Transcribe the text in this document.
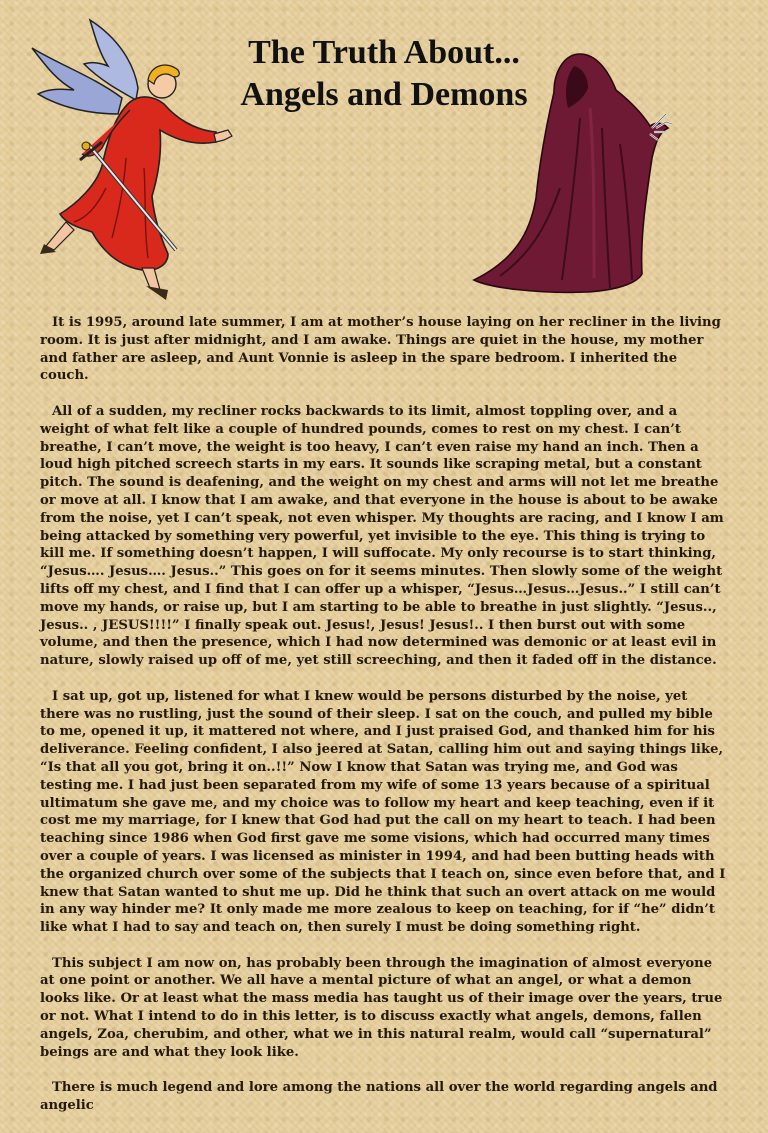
The Truth About...
Angels and Demons

It is 1995, around late summer, I am at mother’s house laying on her recliner in the living room. It is just after midnight, and I am awake. Things are quiet in the house, my mother and father are asleep, and Aunt Vonnie is asleep in the spare bedroom. I inherited the couch.

All of a sudden, my recliner rocks backwards to its limit, almost toppling over, and a weight of what felt like a couple of hundred pounds, comes to rest on my chest. I can’t breathe, I can’t move, the weight is too heavy, I can’t even raise my hand an inch. Then a loud high pitched screech starts in my ears. It sounds like scraping metal, but a constant pitch. The sound is deafening, and the weight on my chest and arms will not let me breathe or move at all. I know that I am awake, and that everyone in the house is about to be awake from the noise, yet I can’t speak, not even whisper. My thoughts are racing, and I know I am being attacked by something very powerful, yet invisible to the eye. This thing is trying to kill me. If something doesn’t happen, I will suffocate. My only recourse is to start thinking, “Jesus…. Jesus…. Jesus..” This goes on for it seems minutes. Then slowly some of the weight lifts off my chest, and I find that I can offer up a whisper, “Jesus…Jesus…Jesus..” I still can’t move my hands, or raise up, but I am starting to be able to breathe in just slightly. “Jesus.., Jesus.. , JESUS!!!!” I finally speak out. Jesus!, Jesus! Jesus!.. I then burst out with some volume, and then the presence, which I had now determined was demonic or at least evil in nature, slowly raised up off of me, yet still screeching, and then it faded off in the distance.

I sat up, got up, listened for what I knew would be persons disturbed by the noise, yet there was no rustling, just the sound of their sleep. I sat on the couch, and pulled my bible to me, opened it up, it mattered not where, and I just praised God, and thanked him for his deliverance. Feeling confident, I also jeered at Satan, calling him out and saying things like, “Is that all you got, bring it on..!!” Now I know that Satan was trying me, and God was testing me. I had just been separated from my wife of some 13 years because of a spiritual ultimatum she gave me, and my choice was to follow my heart and keep teaching, even if it cost me my marriage, for I knew that God had put the call on my heart to teach. I had been teaching since 1986 when God first gave me some visions, which had occurred many times over a couple of years. I was licensed as minister in 1994, and had been butting heads with the organized church over some of the subjects that I teach on, since even before that, and I knew that Satan wanted to shut me up. Did he think that such an overt attack on me would in any way hinder me? It only made me more zealous to keep on teaching, for if “he” didn’t like what I had to say and teach on, then surely I must be doing something right.

This subject I am now on, has probably been through the imagination of almost everyone at one point or another. We all have a mental picture of what an angel, or what a demon looks like. Or at least what the mass media has taught us of their image over the years, true or not. What I intend to do in this letter, is to discuss exactly what angels, demons, fallen angels, Zoa, cherubim, and other, what we in this natural realm, would call “supernatural” beings are and what they look like.

There is much legend and lore among the nations all over the world regarding angels and angelic
